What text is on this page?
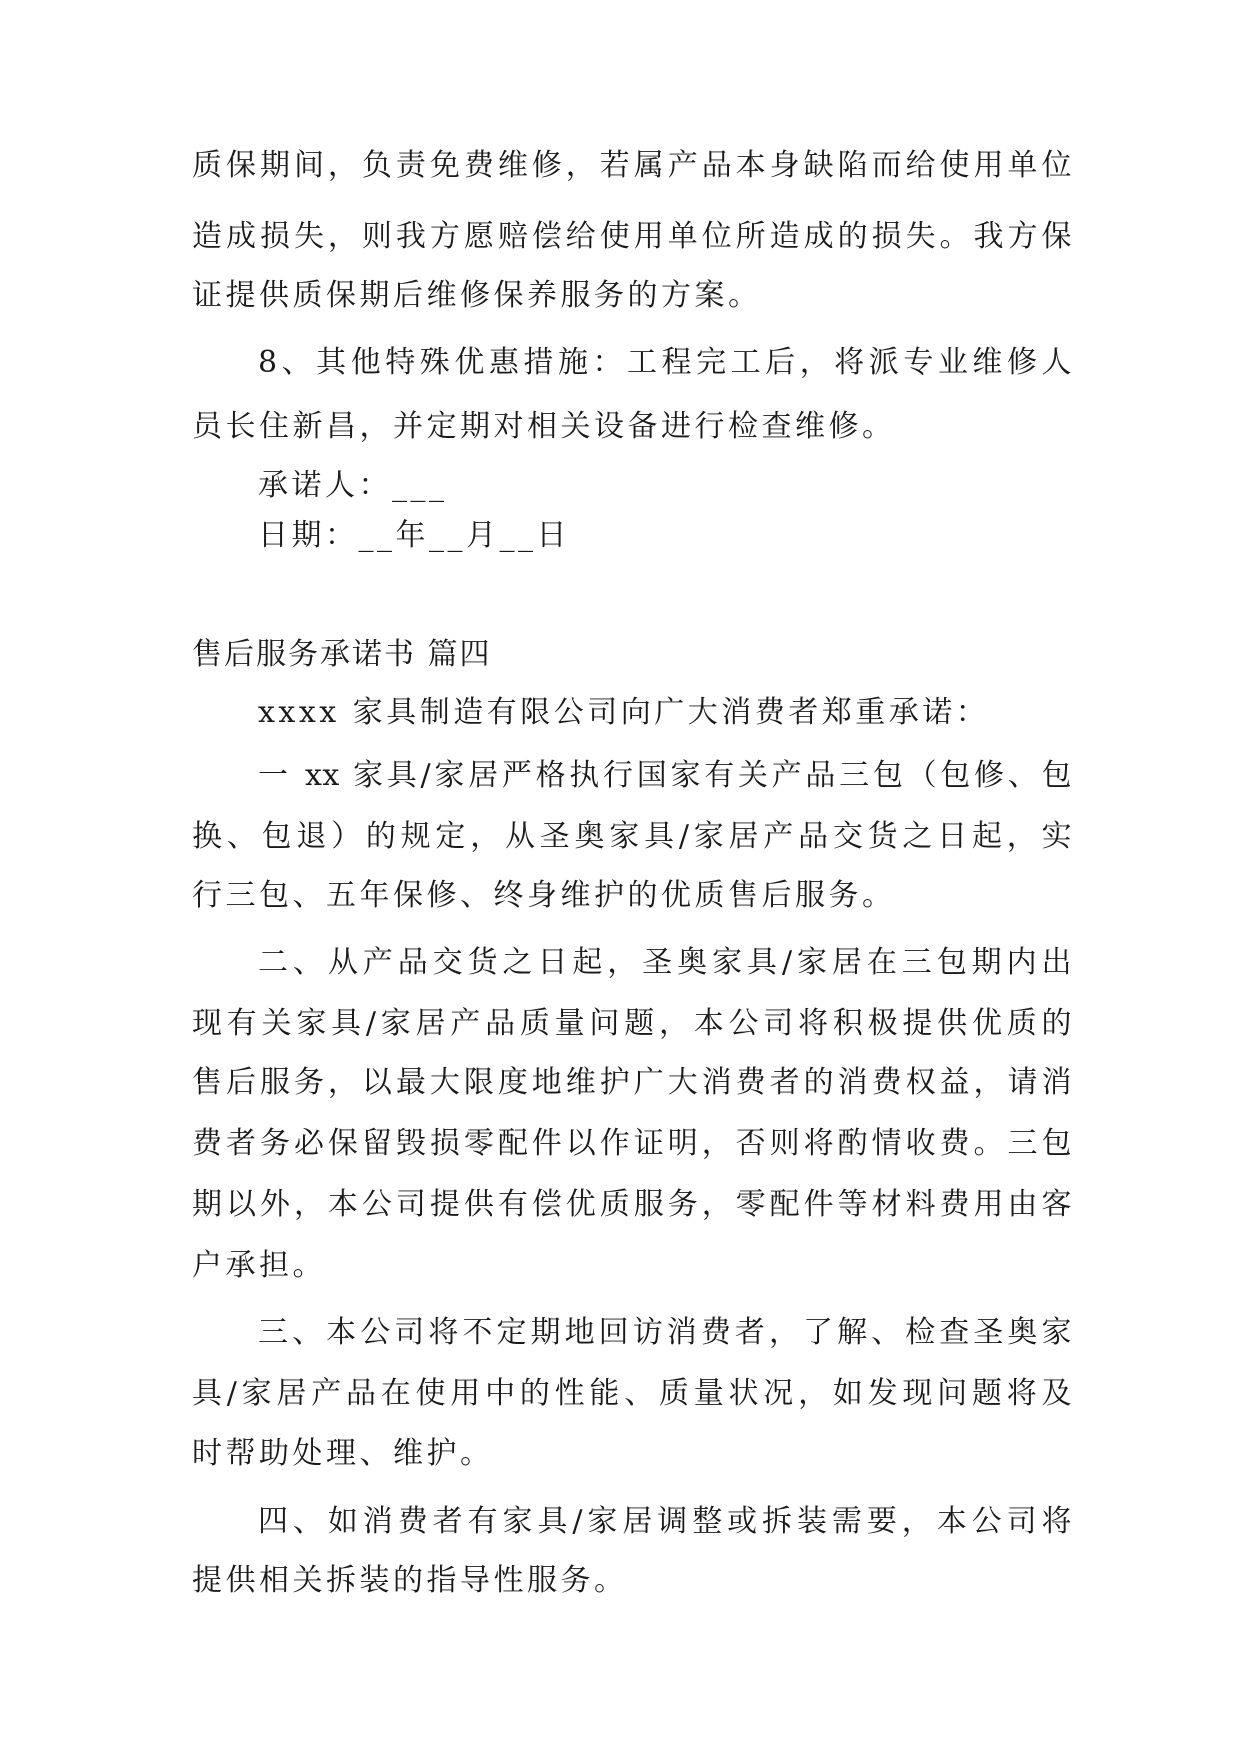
质保期间，负责免费维修，若属产品本身缺陷而给使用单位

造成损失，则我方愿赔偿给使用单位所造成的损失。我方保

证提供质保期后维修保养服务的方案。

8、其他特殊优惠措施：工程完工后，将派专业维修人

员长住新昌，并定期对相关设备进行检查维修。

承诺人：___

日期：__年__月__日

售后服务承诺书 篇四

xxxx 家具制造有限公司向广大消费者郑重承诺：

一 xx 家具/家居严格执行国家有关产品三包（包修、包

换、包退）的规定，从圣奥家具/家居产品交货之日起，实

行三包、五年保修、终身维护的优质售后服务。

二、从产品交货之日起，圣奥家具/家居在三包期内出

现有关家具/家居产品质量问题，本公司将积极提供优质的

售后服务，以最大限度地维护广大消费者的消费权益，请消

费者务必保留毁损零配件以作证明，否则将酌情收费。三包

期以外，本公司提供有偿优质服务，零配件等材料费用由客

户承担。

三、本公司将不定期地回访消费者，了解、检查圣奥家

具/家居产品在使用中的性能、质量状况，如发现问题将及

时帮助处理、维护。

四、如消费者有家具/家居调整或拆装需要，本公司将

提供相关拆装的指导性服务。
